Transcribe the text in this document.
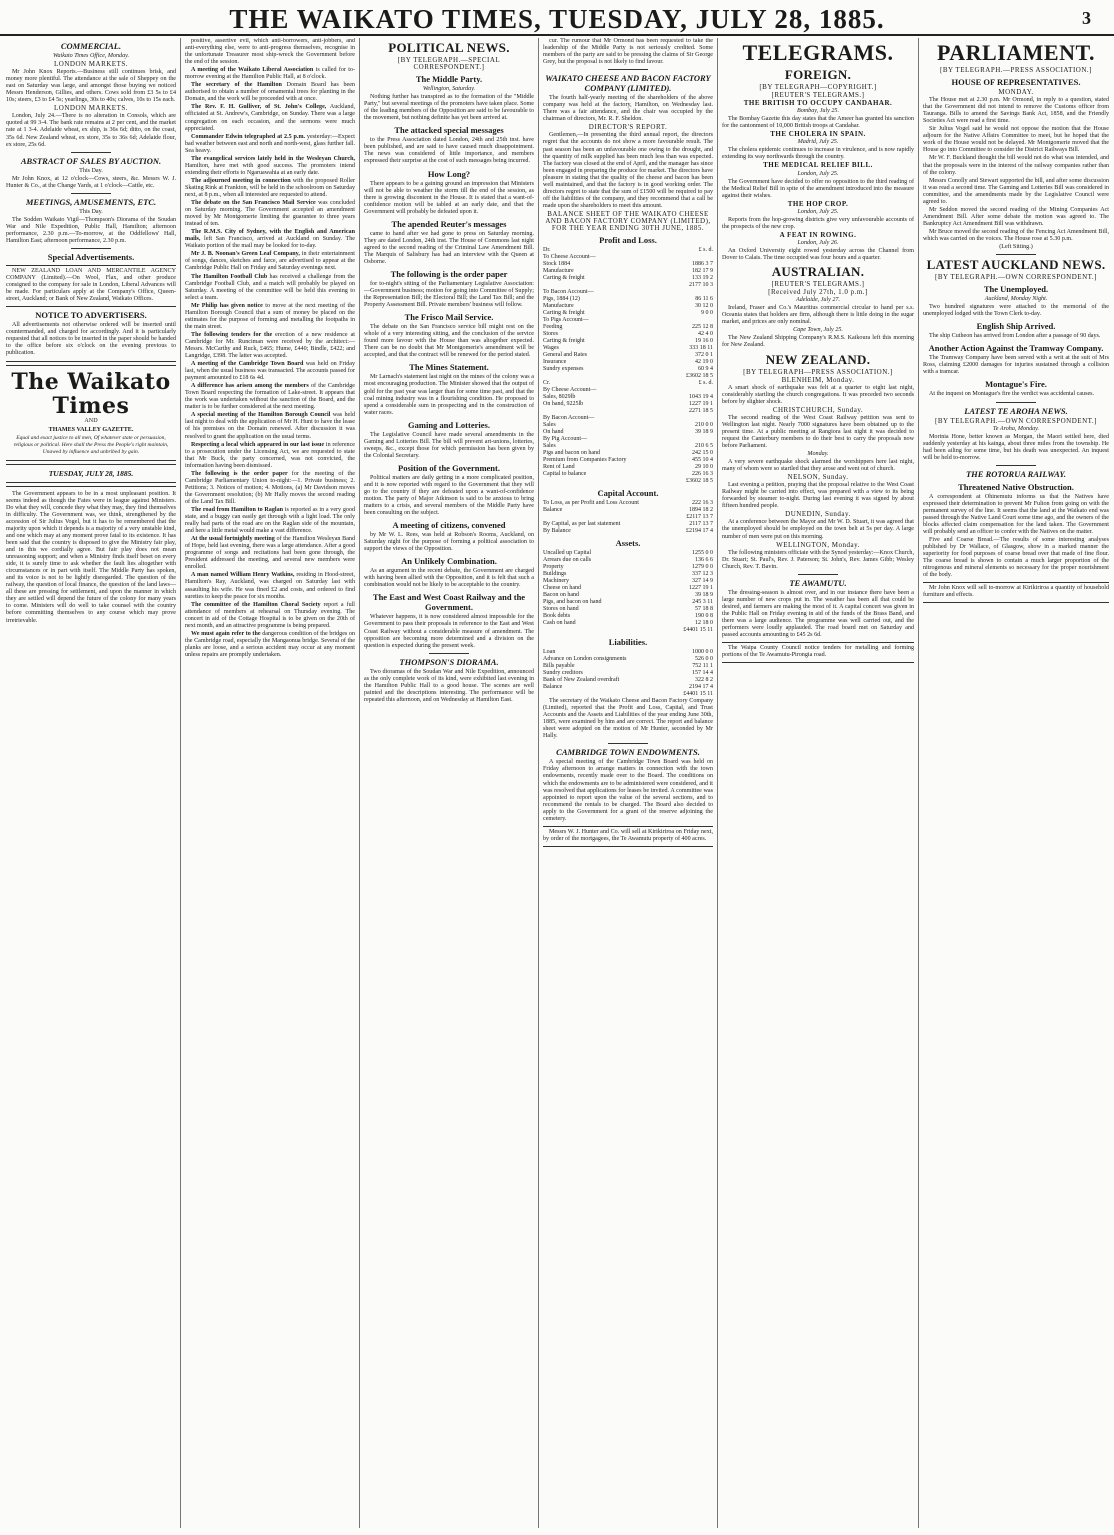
THE WAIKATO TIMES, TUESDAY, JULY 28, 1885.	3
COMMERCIAL.

Waikato Times Office, Monday.

LONDON MARKETS.

Mr John Knox Reports.—Business still continues brisk, and money more plentiful. The attendance at the sale of Sheppey on the east on Saturday was large, and amongst those buying we noticed Messrs Henderson, Gillies, and others. Cows sold from £3 5s to £4 10s; steers, £3 to £4 5s; yearlings, 30s to 40s; calves, 10s to 15s each.

LONDON MARKETS.

London, July 24.—There is no alteration in Consols, which are quoted at 99 3-4. The bank rate remains at 2 per cent, and the market rate at 1 3-4. Adelaide wheat, ex ship, is 36s 6d; ditto, on the coast, 35s 6d. New Zealand wheat, ex store, 35s to 36s 6d; Adelaide flour, ex store, 25s 6d.

ABSTRACT OF SALES BY AUCTION.

This Day.

Mr John Knox, at 12 o'clock—Cows, steers, &c. Messrs W. J. Hunter & Co., at the Change Yards, at 1 o'clock—Cattle, etc.

MEETINGS, AMUSEMENTS, ETC.

This Day.

The Sodden Waikato Vigil—Thompson's Diorama of the Soudan War and Nile Expedition, Public Hall, Hamilton; afternoon performance, 2.30 p.m.—To-morrow, at the Oddfellows' Hall, Hamilton East; afternoon performance, 2.30 p.m.

Special Advertisements.

NEW ZEALAND LOAN AND MERCANTILE AGENCY COMPANY (Limited).—On Wool, Flax, and other produce consigned to the company for sale in London, Liberal Advances will be made. For particulars apply at the Company's Office, Queen-street, Auckland; or Bank of New Zealand, Waikato Offices.

NOTICE TO ADVERTISERS.

All advertisements not otherwise ordered will be inserted until countermanded, and charged for accordingly. And it is particularly requested that all notices to be inserted in the paper should be handed to the office before six o'clock on the evening previous to publication.

The Waikato Times

AND

THAMES VALLEY GAZETTE.

Equal and exact justice to all men, Of whatever state or persuasion, religious or political. Here shall the Press the People's right maintain, Unawed by influence and unbribed by gain.

TUESDAY, JULY 28, 1885.

The Government appears to be in a most unpleasant position. It seems indeed as though the Fates were in league against Ministers. Do what they will, concede they what they may, they find themselves in difficulty. The Government was, we think, strengthened by the accession of Sir Julius Vogel, but it has to be remembered that the majority upon which it depends is a majority of a very unstable kind, and one which may at any moment prove fatal to its existence. It has been said that the country is disposed to give the Ministry fair play, and in this we cordially agree. But fair play does not mean unreasoning support; and when a Ministry finds itself beset on every side, it is surely time to ask whether the fault lies altogether with circumstances or in part with itself. The Middle Party has spoken, and its voice is not to be lightly disregarded. The question of the railway, the question of local finance, the question of the land laws—all these are pressing for settlement, and upon the manner in which they are settled will depend the future of the colony for many years to come. Ministers will do well to take counsel with the country before committing themselves to any course which may prove irretrievable.

positive, assertive evil, which anti-borrowers, anti-jobbers, and anti-everything else, were to anti-progress themselves, recognise in the unfortunate Treasurer most ship-wreck the Government before the end of the session.

A meeting of the Waikato Liberal Association is called for to-morrow evening at the Hamilton Public Hall, at 8 o'clock.

The secretary of the Hamilton Domain Board has been authorised to obtain a number of ornamental trees for planting in the Domain, and the work will be proceeded with at once.

The Rev. F. H. Gulliver, of St. John's College, Auckland, officiated at St. Andrew's, Cambridge, on Sunday. There was a large congregation on each occasion, and the sermons were much appreciated.

Commander Edwin telegraphed at 2.5 p.m. yesterday:—Expect bad weather between east and north and north-west, glass further fall. Sea heavy.

The evangelical services lately held in the Wesleyan Church, Hamilton, have met with good success. The promoters intend extending their efforts to Ngaruawahia at an early date.

The adjourned meeting in connection with the proposed Roller Skating Rink at Frankton, will be held in the schoolroom on Saturday next, at 8 p.m., when all interested are requested to attend.

The debate on the San Francisco Mail Service was concluded on Saturday morning. The Government accepted an amendment moved by Mr Montgomerie limiting the guarantee to three years instead of ten.

The R.M.S. City of Sydney, with the English and American mails, left San Francisco, arrived at Auckland on Sunday. The Waikato portion of the mail may be looked for to-day.

Mr J. B. Noonan's Green Leaf Company, in their entertainment of songs, dances, sketches and farce, are advertised to appear at the Cambridge Public Hall on Friday and Saturday evenings next.

The Hamilton Football Club has received a challenge from the Cambridge Football Club, and a match will probably be played on Saturday. A meeting of the committee will be held this evening to select a team.

Mr Philip has given notice to move at the next meeting of the Hamilton Borough Council that a sum of money be placed on the estimates for the purpose of forming and metalling the footpaths in the main street.

The following tenders for the erection of a new residence at Cambridge for Mr. Runciman were received by the architect:—Messrs. McCarthy and Ruck, £465; Hume, £440; Bindle, £422; and Langridge, £398. The latter was accepted.

A meeting of the Cambridge Town Board was held on Friday last, when the usual business was transacted. The accounts passed for payment amounted to £18 6s 4d.

A difference has arisen among the members of the Cambridge Town Board respecting the formation of Lake-street. It appears that the work was undertaken without the sanction of the Board, and the matter is to be further considered at the next meeting.

A special meeting of the Hamilton Borough Council was held last night to deal with the application of Mr H. Hunt to have the lease of his premises on the Domain renewed. After discussion it was resolved to grant the application on the usual terms.

Respecting a local which appeared in our last issue in reference to a prosecution under the Licensing Act, we are requested to state that Mr Buck, the party concerned, was not convicted, the information having been dismissed.

The following is the order paper for the meeting of the Cambridge Parliamentary Union to-night:—1. Private business; 2. Petitions; 3. Notices of motion; 4. Motions, (a) Mr Davidson moves the Government resolution; (b) Mr Hally moves the second reading of the Land Tax Bill.

The road from Hamilton to Raglan is reported as in a very good state, and a buggy can easily get through with a light load. The only really bad parts of the road are on the Raglan side of the mountain, and here a little metal would make a vast difference.

At the usual fortnightly meeting of the Hamilton Wesleyan Band of Hope, held last evening, there was a large attendance. After a good programme of songs and recitations had been gone through, the President addressed the meeting, and several new members were enrolled.

A man named William Henry Watkins, residing in Hood-street, Hamilton's Ray, Auckland, was charged on Saturday last with assaulting his wife. He was fined £2 and costs, and ordered to find sureties to keep the peace for six months.

The committee of the Hamilton Choral Society report a full attendance of members at rehearsal on Thursday evening. The concert in aid of the Cottage Hospital is to be given on the 20th of next month, and an attractive programme is being prepared.

We must again refer to the dangerous condition of the bridges on the Cambridge road, especially the Mangaonua bridge. Several of the planks are loose, and a serious accident may occur at any moment unless repairs are promptly undertaken.

POLITICAL NEWS.

[BY TELEGRAPH.—SPECIAL CORRESPONDENT.]

The Middle Party.

Wellington, Saturday.

Nothing further has transpired as to the formation of the "Middle Party," but several meetings of the promoters have taken place. Some of the leading members of the Opposition are said to be favourable to the movement, but nothing definite has yet been arrived at.

The attacked special messages

to the Press Association dated London, 24th and 25th inst. have been published, and are said to have caused much disappointment. The news was considered of little importance, and members expressed their surprise at the cost of such messages being incurred.

How Long?

There appears to be a gaining ground an impression that Ministers will not be able to weather the storm till the end of the session, as there is growing discontent in the House. It is stated that a want-of-confidence motion will be tabled at an early date, and that the Government will probably be defeated upon it.

The apended Reuter's messages

came to hand after we had gone to press on Saturday morning. They are dated London, 24th inst. The House of Commons last night agreed to the second reading of the Criminal Law Amendment Bill. The Marquis of Salisbury has had an interview with the Queen at Osborne.

The following is the order paper

for to-night's sitting of the Parliamentary Legislative Association:—Government business; motion for going into Committee of Supply; the Representation Bill; the Electoral Bill; the Land Tax Bill; and the Property Assessment Bill. Private members' business will follow.

The Frisco Mail Service.

The debate on the San Francisco service bill might rest on the whole of a very interesting sitting, and the conclusion of the service found more favour with the House than was altogether expected. There can be no doubt that Mr Montgomerie's amendment will be accepted, and that the contract will be renewed for the period stated.

The Mines Statement.

Mr Larnach's statement last night on the mines of the colony was a most encouraging production. The Minister showed that the output of gold for the past year was larger than for some time past, and that the coal mining industry was in a flourishing condition. He proposed to spend a considerable sum in prospecting and in the construction of water races.

Gaming and Lotteries.

The Legislative Council have made several amendments in the Gaming and Lotteries Bill. The bill will prevent art-unions, lotteries, sweeps, &c., except those for which permission has been given by the Colonial Secretary.

Position of the Government.

Political matters are daily getting in a more complicated position, and it is now reported with regard to the Government that they will go to the country if they are defeated upon a want-of-confidence motion. The party of Major Atkinson is said to be anxious to bring matters to a crisis, and several members of the Middle Party have been consulting on the subject.

A meeting of citizens, convened

by Mr W. L. Rees, was held at Robson's Rooms, Auckland, on Saturday night for the purpose of forming a political association to support the views of the Opposition.

An Unlikely Combination.

As an argument in the recent debate, the Government are charged with having been allied with the Opposition, and it is felt that such a combination would not be likely to be acceptable to the country.

The East and West Coast Railway and the Government.

Whatever happens, it is now considered almost impossible for the Government to pass their proposals in reference to the East and West Coast Railway without a considerable measure of amendment. The opposition are becoming more determined and a division on the question is expected during the present week.

THOMPSON'S DIORAMA.

Two dioramas of the Soudan War and Nile Expedition, announced as the only complete work of its kind, were exhibited last evening in the Hamilton Public Hall to a good house. The scenes are well painted and the descriptions interesting. The performance will be repeated this afternoon, and on Wednesday at Hamilton East.

cur. The rumour that Mr Ormond has been requested to take the leadership of the Middle Party is not seriously credited. Some members of the party are said to be pressing the claims of Sir George Grey, but the proposal is not likely to find favour.

WAIKATO CHEESE AND BACON FACTORY COMPANY (LIMITED).

The fourth half-yearly meeting of the shareholders of the above company was held at the factory, Hamilton, on Wednesday last. There was a fair attendance, and the chair was occupied by the chairman of directors, Mr. R. F. Sheldon.

DIRECTOR'S REPORT.

Gentlemen,—In presenting the third annual report, the directors regret that the accounts do not show a more favourable result. The past season has been an unfavourable one owing to the drought, and the quantity of milk supplied has been much less than was expected. The factory was closed at the end of April, and the manager has since been engaged in preparing the produce for market. The directors have pleasure in stating that the quality of the cheese and bacon has been well maintained, and that the factory is in good working order. The directors regret to state that the sum of £1500 will be required to pay off the liabilities of the company, and they recommend that a call be made upon the shareholders to meet this amount.

BALANCE SHEET OF THE WAIKATO CHEESE AND BACON FACTORY COMPANY (LIMITED), FOR THE YEAR ENDING 30TH JUNE, 1885.

Profit and Loss.
Dr.	£ s. d.
To Cheese Account—	
Stock 1884	1886 3 7
Manufacture	182 17 9
Carting & freight	133 19 2
	2177 10 3
To Bacon Account—	
Pigs, 1884 (12)	86 11 6
Manufacture	30 12 0
Carting & freight	9 0 0
To Pigs Account—	
Feeding	225 12 8
Stores	42 4 0
Carting & freight	19 16 0
Wages	333 18 11
General and Rates	372 0 1
Insurance	42 19 0
Sundry expenses	60 9 4
	£3602 18 5
Cr.	£ s. d.
By Cheese Account—	
Sales, 8029lb	1043 19 4
On hand, 9225lb	1227 19 1
	2271 18 5
By Bacon Account—	
Sales	210 0 0
On hand	39 18 9
By Pig Account—	
Sales	210 6 5
Pigs and bacon on hand	242 15 0
Premium from Companies Factory	455 10 4
Rent of Land	29 10 0
Capital to balance	226 16 3
	£3602 18 5
Capital Account.
To Loss, as per Profit and Loss Account	222 16 3
Balance	1894 18 2
	£2117 13 7
By Capital, as per last statement	2117 13 7
By Balance	£2194 17 4
Assets.
Uncalled up Capital	1255 0 0
Arrears due on calls	136 6 6
Property	1279 0 0
Buildings	337 12 3
Machinery	327 14 9
Cheese on hand	1227 19 1
Bacon on hand	39 18 9
Pigs, and bacon on hand	245 3 11
Stores on hand	57 18 8
Book debts	190 0 8
Cash on hand	12 18 0
	£4401 15 11
Liabilities.
Loan	1000 0 0
Advance on London consignments	526 0 0
Bills payable	752 11 1
Sundry creditors	157 14 4
Bank of New Zealand overdraft	322 8 2
Balance	2194 17 4
	£4401 15 11

The secretary of the Waikato Cheese and Bacon Factory Company (Limited), reported that the Profit and Loss, Capital, and Trust Accounts and the Assets and Liabilities of the year ending June 30th, 1885, were examined by him and are correct. The report and balance sheet were adopted on the motion of Mr Hunter, seconded by Mr Hally.

CAMBRIDGE TOWN ENDOWMENTS.

A special meeting of the Cambridge Town Board was held on Friday afternoon to arrange matters in connection with the town endowments, recently made over to the Board. The conditions on which the endowments are to be administered were considered, and it was resolved that applications for leases be invited. A committee was appointed to report upon the value of the several sections, and to recommend the rentals to be charged. The Board also decided to apply to the Government for a grant of the reserve adjoining the cemetery.

Messrs W. J. Hunter and Co. will sell at Kirikiriroa on Friday next, by order of the mortgagees, the Te Awamutu property of 400 acres.

TELEGRAMS.
FOREIGN.

[BY TELEGRAPH—COPYRIGHT.]

[REUTER'S TELEGRAMS.]

THE BRITISH TO OCCUPY CANDAHAR.

Bombay, July 25.

The Bombay Gazette this day states that the Ameer has granted his sanction for the cantonment of 10,000 British troops at Candahar.

THE CHOLERA IN SPAIN.

Madrid, July 25.

The cholera epidemic continues to increase in virulence, and is now rapidly extending its way northwards through the country.

THE MEDICAL RELIEF BILL.

London, July 25.

The Government have decided to offer no opposition to the third reading of the Medical Relief Bill in spite of the amendment introduced into the measure against their wishes.

THE HOP CROP.

London, July 25.

Reports from the hop-growing districts give very unfavourable accounts of the prospects of the new crop.

A FEAT IN ROWING.

London, July 26.

An Oxford University eight rowed yesterday across the Channel from Dover to Calais. The time occupied was four hours and a quarter.

AUSTRALIAN.

[REUTER'S TELEGRAMS.]

[Received July 27th, 1.0 p.m.]

Adelaide, July 27.

Ireland, Fraser and Co.'s Mauritius commercial circular to hand per s.s. Oceania states that holders are firm, although there is little doing in the sugar market, and prices are only nominal.

Cape Town, July 25.

The New Zealand Shipping Company's R.M.S. Kaikoura left this morning for New Zealand.

NEW ZEALAND.

[BY TELEGRAPH—PRESS ASSOCIATION.]

BLENHEIM, Monday.

A smart shock of earthquake was felt at a quarter to eight last night, considerably startling the church congregations. It was preceded two seconds before by slighter shock.

CHRISTCHURCH, Sunday.

The second reading of the West Coast Railway petition was sent to Wellington last night. Nearly 7000 signatures have been obtained up to the present time. At a public meeting at Rangiora last night it was decided to request the Canterbury members to do their best to carry the proposals now before Parliament.

Monday.

A very severe earthquake shock alarmed the worshippers here last night, many of whom were so startled that they arose and went out of church.

NELSON, Sunday.

Last evening a petition, praying that the proposal relative to the West Coast Railway might be carried into effect, was prepared with a view to its being forwarded by steamer to-night. During last evening it was signed by about fifteen hundred people.

DUNEDIN, Sunday.

At a conference between the Mayor and Mr W. D. Stuart, it was agreed that the unemployed should be employed on the town belt at 5s per day. A large number of men were put on this morning.

WELLINGTON, Monday.

The following ministers officiate with the Synod yesterday:—Knox Church, Dr. Stuart; St. Paul's, Rev. J. Paterson; St. John's, Rev. James Gibb; Wesley Church, Rev. T. Bavin.

TE AWAMUTU.

The dressing-season is almost over, and in our instance there have been a large number of new crops put in. The weather has been all that could be desired, and farmers are making the most of it. A capital concert was given in the Public Hall on Friday evening in aid of the funds of the Brass Band, and there was a large audience. The programme was well carried out, and the performers were loudly applauded. The road board met on Saturday and passed accounts amounting to £45 2s 6d.

The Waipa County Council notice tenders for metalling and forming portions of the Te Awamutu-Pirongia road.

PARLIAMENT.

[BY TELEGRAPH.—PRESS ASSOCIATION.]

HOUSE OF REPRESENTATIVES.

MONDAY.

The House met at 2.30 p.m. Mr Ormond, in reply to a question, stated that the Government did not intend to remove the Customs officer from Tauranga. Bills to amend the Savings Bank Act, 1858, and the Friendly Societies Act were read a first time.

Sir Julius Vogel said he would not oppose the motion that the House adjourn for the Native Affairs Committee to meet, but he hoped that the work of the House would not be delayed. Mr Montgomerie moved that the House go into Committee to consider the District Railways Bill.

Mr W. F. Buckland thought the bill would not do what was intended, and that the proposals were in the interest of the railway companies rather than of the colony.

Messrs Conolly and Stewart supported the bill, and after some discussion it was read a second time. The Gaming and Lotteries Bill was considered in committee, and the amendments made by the Legislative Council were agreed to.

Mr Seddon moved the second reading of the Mining Companies Act Amendment Bill. After some debate the motion was agreed to. The Bankruptcy Act Amendment Bill was withdrawn.

Mr Bruce moved the second reading of the Fencing Act Amendment Bill, which was carried on the voices. The House rose at 5.30 p.m.

(Left Sitting.)

LATEST AUCKLAND NEWS.

[BY TELEGRAPH.—OWN CORRESPONDENT.]

The Unemployed.

Auckland, Monday Night.

Two hundred signatures were attached to the memorial of the unemployed lodged with the Town Clerk to-day.

English Ship Arrived.

The ship Cutheon has arrived from London after a passage of 90 days.

Another Action Against the Tramway Company.

The Tramway Company have been served with a writ at the suit of Mrs Ross, claiming £2000 damages for injuries sustained through a collision with a tramcar.

Montague's Fire.

At the inquest on Montague's fire the verdict was accidental causes.

LATEST TE AROHA NEWS.

[BY TELEGRAPH.—OWN CORRESPONDENT.]

Te Aroha, Monday.

Morinia Hone, better known as Morgan, the Maori settled here, died suddenly yesterday at his kainga, about three miles from the township. He had been ailing for some time, but his death was unexpected. An inquest will be held to-morrow.

THE ROTORUA RAILWAY.
Threatened Native Obstruction.

A correspondent at Ohinemutu informs us that the Natives have expressed their determination to prevent Mr Fulton from going on with the permanent survey of the line. It seems that the land at the Waikato end was passed through the Native Land Court some time ago, and the owners of the blocks affected claim compensation for the land taken. The Government will probably send an officer to confer with the Natives on the matter.

Five and Coarse Bread.—The results of some interesting analyses published by Dr Wallace, of Glasgow, show in a marked manner the superiority for food purposes of coarse bread over that made of fine flour. The coarse bread is shown to contain a much larger proportion of the nitrogenous and mineral elements so necessary for the proper nourishment of the body.

Mr John Knox will sell to-morrow at Kirikiriroa a quantity of household furniture and effects.
